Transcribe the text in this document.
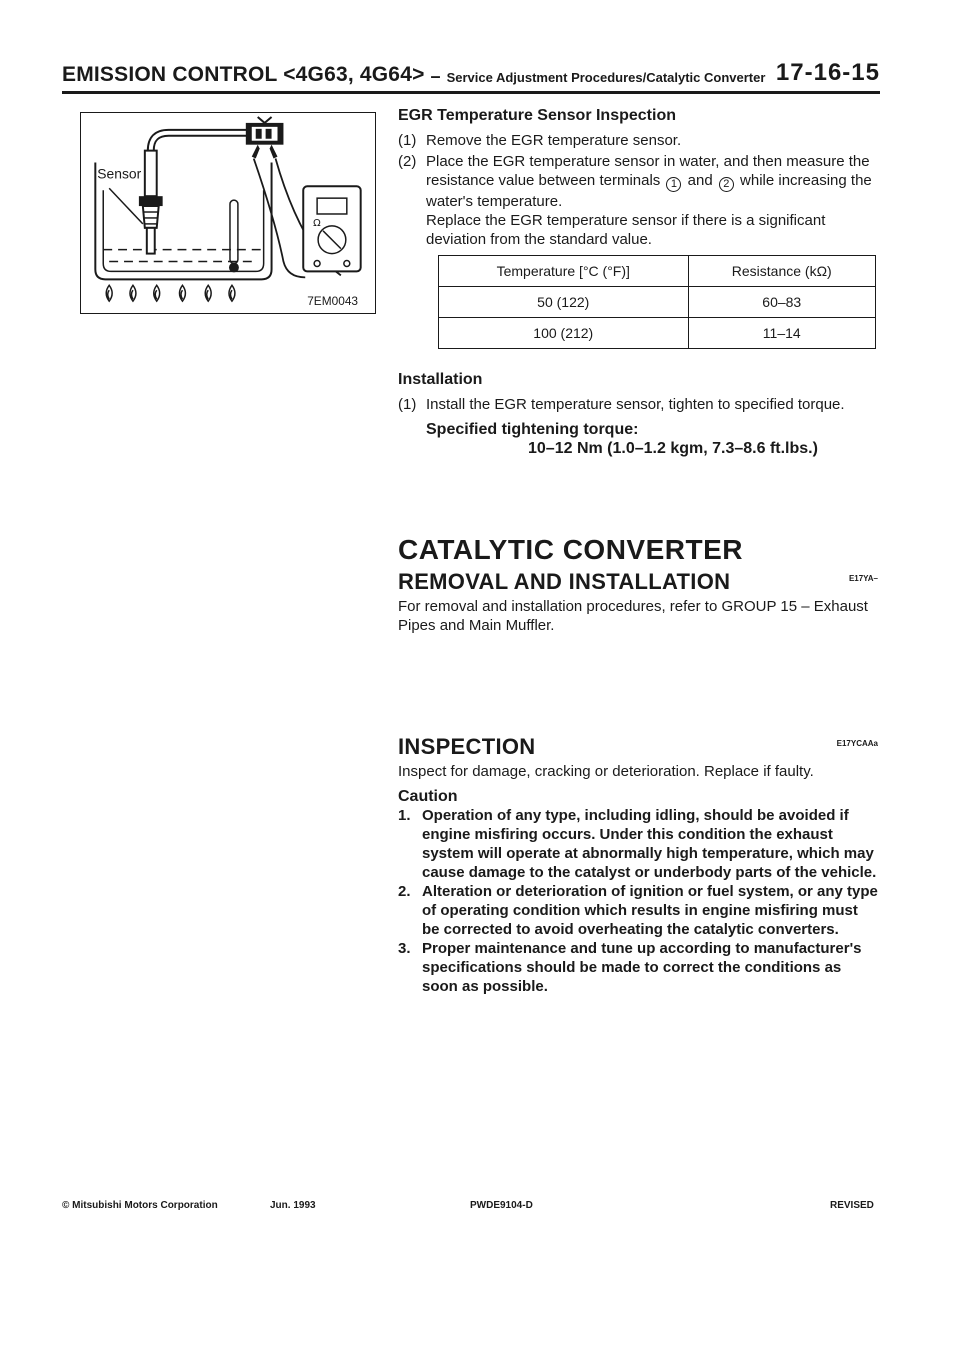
EMISSION CONTROL <4G63, 4G64> – Service Adjustment Procedures/Catalytic Converter 17-16-15
Sensor
Ω
7EM0043
EGR Temperature Sensor Inspection
(1) Remove the EGR temperature sensor.
(2) Place the EGR temperature sensor in water, and then measure the resistance value between terminals 1 and 2 while increasing the water's temperature.
Replace the EGR temperature sensor if there is a significant deviation from the standard value.
Temperature [°C (°F)]	Resistance (kΩ)
50 (122)	60–83
100 (212)	11–14
Installation
(1) Install the EGR temperature sensor, tighten to specified torque.
Specified tightening torque:
10–12 Nm (1.0–1.2 kgm, 7.3–8.6 ft.lbs.)
CATALYTIC CONVERTER
REMOVAL AND INSTALLATION	E17YA–
For removal and installation procedures, refer to GROUP 15 – Exhaust Pipes and Main Muffler.
INSPECTION	E17YCAAa
Inspect for damage, cracking or deterioration. Replace if faulty.
Caution
1. Operation of any type, including idling, should be avoided if engine misfiring occurs. Under this condition the exhaust system will operate at abnormally high temperature, which may cause damage to the catalyst or underbody parts of the vehicle.
2. Alteration or deterioration of ignition or fuel system, or any type of operating condition which results in engine misfiring must be corrected to avoid overheating the catalytic converters.
3. Proper maintenance and tune up according to manufacturer's specifications should be made to correct the conditions as soon as possible.
© Mitsubishi Motors Corporation	Jun. 1993	PWDE9104-D	REVISED
